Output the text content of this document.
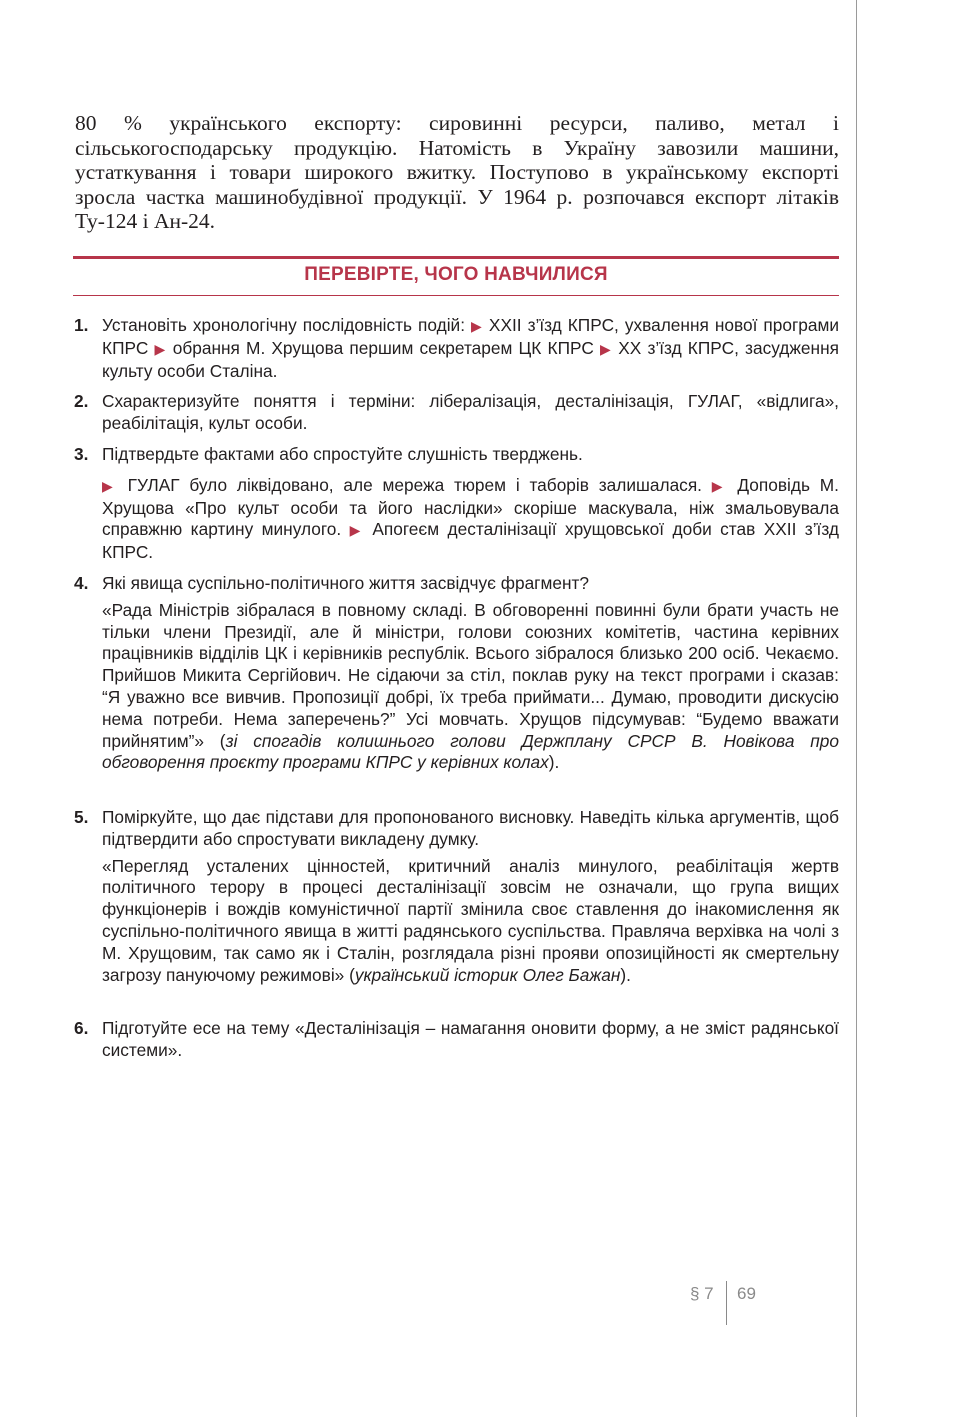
80 % українського експорту: сировинні ресурси, паливо, метал і сільськогосподарську продукцію. Натомість в Україну завозили машини, устаткування і товари широкого вжитку. Поступово в українському експорті зросла частка машинобудівної продукції. У 1964 р. розпочався експорт літаків Ту-124 і Ан-24.

ПЕРЕВІРТЕ, ЧОГО НАВЧИЛИСЯ
1. Установіть хронологічну послідовність подій: ▶ ХХІІ з’їзд КПРС, ухвалення нової програми КПРС ▶ обрання М. Хрущова першим секретарем ЦК КПРС ▶ ХХ з’їзд КПРС, засудження культу особи Сталіна.
2. Схарактеризуйте поняття і терміни: лібералізація, десталінізація, ГУЛАГ, «відлига», реабілітація, культ особи.
3. Підтвердьте фактами або спростуйте слушність тверджень.
▶ ГУЛАГ було ліквідовано, але мережа тюрем і таборів залишалася. ▶ Доповідь М. Хрущова «Про культ особи та його наслідки» скоріше маскувала, ніж змальовувала справжню картину минулого. ▶ Апогеєм десталінізації хрущовської доби став ХХІІ з’їзд КПРС.
4. Які явища суспільно-політичного життя засвідчує фрагмент?
«Рада Міністрів зібралася в повному складі. В обговоренні повинні були брати участь не тільки члени Президії, але й міністри, голови союзних комітетів, частина керівних працівників відділів ЦК і керівників республік. Всього зібралося близько 200 осіб. Чекаємо. Прийшов Микита Сергійович. Не сідаючи за стіл, поклав руку на текст програми і сказав: “Я уважно все вивчив. Пропозиції добрі, їх треба приймати... Думаю, проводити дискусію нема потреби. Нема заперечень?” Усі мовчать. Хрущов підсумував: “Будемо вважати прийнятим”» (зі спогадів колишнього голови Держплану СРСР В. Новікова про обговорення проєкту програми КПРС у керівних колах).
5. Поміркуйте, що дає підстави для пропонованого висновку. Наведіть кілька аргументів, щоб підтвердити або спростувати викладену думку.
«Перегляд усталених цінностей, критичний аналіз минулого, реабілітація жертв політичного терору в процесі десталінізації зовсім не означали, що група вищих функціонерів і вождів комуністичної партії змінила своє ставлення до інакомислення як суспільно-політичного явища в житті радянського суспільства. Правляча верхівка на чолі з М. Хрущовим, так само як і Сталін, розглядала різні прояви опозиційності як смертельну загрозу пануючому режимові» (український історик Олег Бажан).
6. Підготуйте есе на тему «Десталінізація – намагання оновити форму, а не зміст радянської системи».
§ 7 69
